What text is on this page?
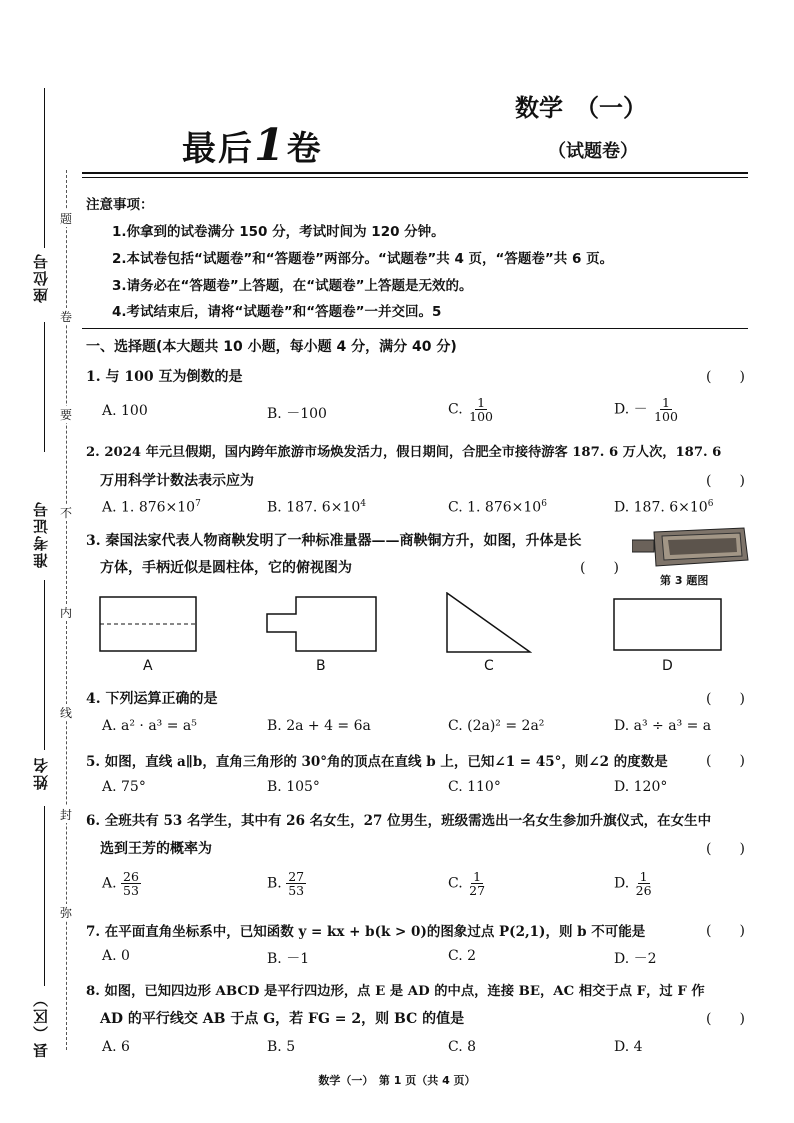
座位号
准考证号
姓名
县（区）
题
卷
要
不
内
线
封
弥
最后1卷
数学　（一）
（试题卷）
注意事项：
1.你拿到的试卷满分 150 分，考试时间为 120 分钟。
2.本试卷包括“试题卷”和“答题卷”两部分。“试题卷”共 4 页，“答题卷”共 6 页。
3.请务必在“答题卷”上答题，在“试题卷”上答题是无效的。
4.考试结束后，请将“试题卷”和“答题卷”一并交回。5
一、选择题(本大题共 10 小题，每小题 4 分，满分 40 分)
1. 与 100 互为倒数的是	(　　)
A. 100	B. －100	C. $\frac{1}{100}$	D. － $\frac{1}{100}$
2. 2024 年元旦假期，国内跨年旅游市场焕发活力，假日期间，合肥全市接待游客 187. 6 万人次，187. 6
万用科学计数法表示应为	(　　)
A. 1. $876\times 10^7$	B. 187. $6\times 10^4$	C. 1. $876\times 10^6$	D. 187. $6\times 10^6$
3. 秦国法家代表人物商鞅发明了一种标准量器——商鞅铜方升，如图，升体是长
方体，手柄近似是圆柱体，它的俯视图为	(　　)
第 3 题图
A	B	C	D
4. 下列运算正确的是	(　　)
A. a² · a³ = a⁵	B. 2a + 4 = 6a	C. (2a)² = 2a²	D. a³ ÷ a³ = a
5. 如图，直线 a∥b，直角三角形的 30°角的顶点在直线 b 上，已知∠1 = 45°，则∠2 的度数是	(　　)
A. 75°	B. 105°	C. 110°	D. 120°
6. 全班共有 53 名学生，其中有 26 名女生，27 位男生，班级需选出一名女生参加升旗仪式，在女生中
选到王芳的概率为	(　　)
A. $\frac{26}{53}$	B. $\frac{27}{53}$	C. $\frac{1}{27}$	D. $\frac{1}{26}$
7. 在平面直角坐标系中，已知函数 y = kx + b(k > 0)的图象过点 P(2,1)，则 b 不可能是	(　　)
A. 0	B. －1	C. 2	D. －2
8. 如图，已知四边形 ABCD 是平行四边形，点 E 是 AD 的中点，连接 BE，AC 相交于点 F，过 F 作
AD 的平行线交 AB 于点 G，若 FG = 2，则 BC 的值是	(　　)
A. 6	B. 5	C. 8	D. 4
数学（一）　第 1 页（共 4 页）
